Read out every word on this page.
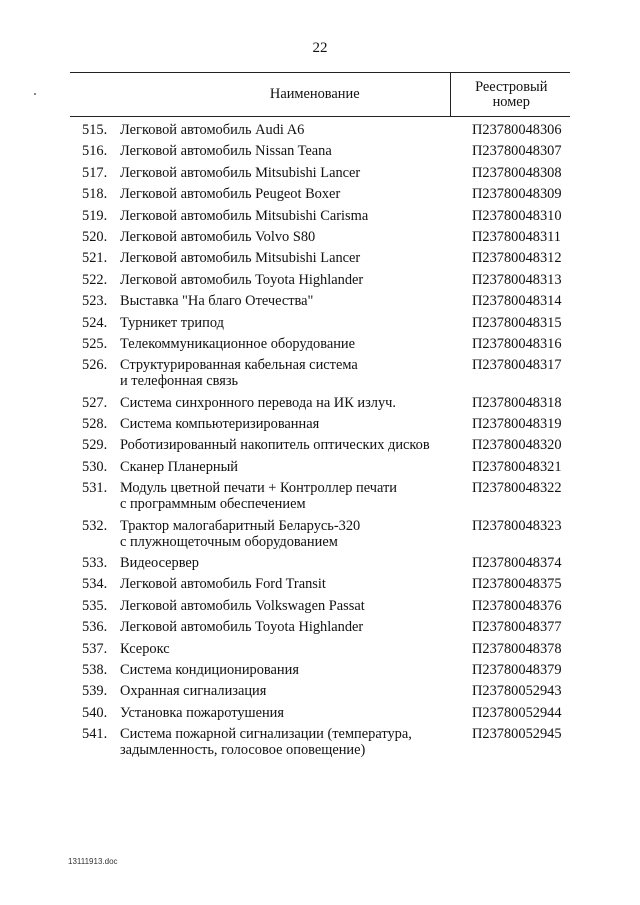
22
	Наименование	Реестровый
номер
515.	Легковой автомобиль Audi A6	П23780048306
516.	Легковой автомобиль Nissan Teana	П23780048307
517.	Легковой автомобиль Mitsubishi Lancer	П23780048308
518.	Легковой автомобиль Peugeot Boxer	П23780048309
519.	Легковой автомобиль Mitsubishi Carisma	П23780048310
520.	Легковой автомобиль Volvo S80	П23780048311
521.	Легковой автомобиль Mitsubishi Lancer	П23780048312
522.	Легковой автомобиль Toyota Highlander	П23780048313
523.	Выставка "На благо Отечества"	П23780048314
524.	Турникет трипод	П23780048315
525.	Телекоммуникационное оборудование	П23780048316
526.	Структурированная кабельная система
и телефонная связь	П23780048317
527.	Система синхронного перевода на ИК излуч.	П23780048318
528.	Система компьютеризированная	П23780048319
529.	Роботизированный накопитель оптических дисков	П23780048320
530.	Сканер Планерный	П23780048321
531.	Модуль цветной печати + Контроллер печати
с программным обеспечением	П23780048322
532.	Трактор малогабаритный Беларусь-320
с плужнощеточным оборудованием	П23780048323
533.	Видеосервер	П23780048374
534.	Легковой автомобиль Ford Transit	П23780048375
535.	Легковой автомобиль Volkswagen Passat	П23780048376
536.	Легковой автомобиль Toyota Highlander	П23780048377
537.	Ксерокс	П23780048378
538.	Система кондиционирования	П23780048379
539.	Охранная сигнализация	П23780052943
540.	Установка пожаротушения	П23780052944
541.	Система пожарной сигнализации (температура,
задымленность, голосовое оповещение)	П23780052945
13111913.doc
